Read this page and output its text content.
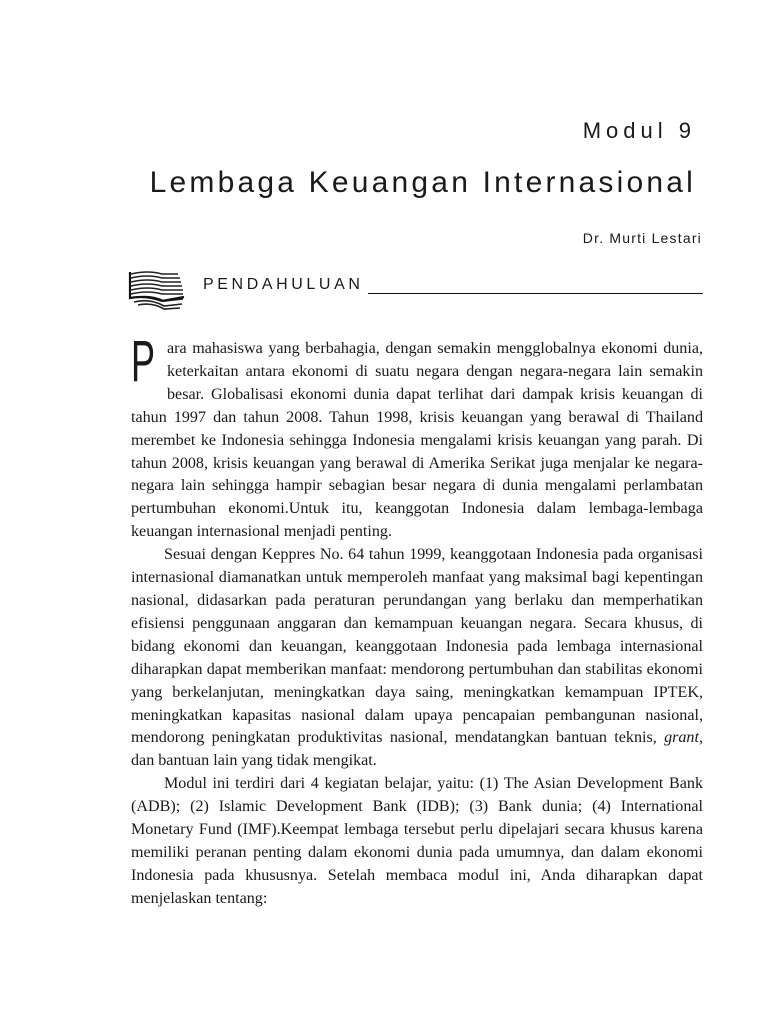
Modul 9
Lembaga Keuangan Internasional
Dr. Murti Lestari
PENDAHULUAN

Para mahasiswa yang berbahagia, dengan semakin mengglobalnya ekonomi dunia, keterkaitan antara ekonomi di suatu negara dengan negara-negara lain semakin besar. Globalisasi ekonomi dunia dapat terlihat dari dampak krisis keuangan di tahun 1997 dan tahun 2008. Tahun 1998, krisis keuangan yang berawal di Thailand merembet ke Indonesia sehingga Indonesia mengalami krisis keuangan yang parah. Di tahun 2008, krisis keuangan yang berawal di Amerika Serikat juga menjalar ke negara-negara lain sehingga hampir sebagian besar negara di dunia mengalami perlambatan pertumbuhan ekonomi.Untuk itu, keanggotan Indonesia dalam lembaga-lembaga keuangan internasional menjadi penting.

Sesuai dengan Keppres No. 64 tahun 1999, keanggotaan Indonesia pada organisasi internasional diamanatkan untuk memperoleh manfaat yang maksimal bagi kepentingan nasional, didasarkan pada peraturan perundangan yang berlaku dan memperhatikan efisiensi penggunaan anggaran dan kemampuan keuangan negara. Secara khusus, di bidang ekonomi dan keuangan, keanggotaan Indonesia pada lembaga internasional diharapkan dapat memberikan manfaat: mendorong pertumbuhan dan stabilitas ekonomi yang berkelanjutan, meningkatkan daya saing, meningkatkan kemampuan IPTEK, meningkatkan kapasitas nasional dalam upaya pencapaian pembangunan nasional, mendorong peningkatan produktivitas nasional, mendatangkan bantuan teknis, grant, dan bantuan lain yang tidak mengikat.

Modul ini terdiri dari 4 kegiatan belajar, yaitu: (1) The Asian Development Bank (ADB); (2) Islamic Development Bank (IDB); (3) Bank dunia; (4) International Monetary Fund (IMF).Keempat lembaga tersebut perlu dipelajari secara khusus karena memiliki peranan penting dalam ekonomi dunia pada umumnya, dan dalam ekonomi Indonesia pada khususnya. Setelah membaca modul ini, Anda diharapkan dapat menjelaskan tentang:
